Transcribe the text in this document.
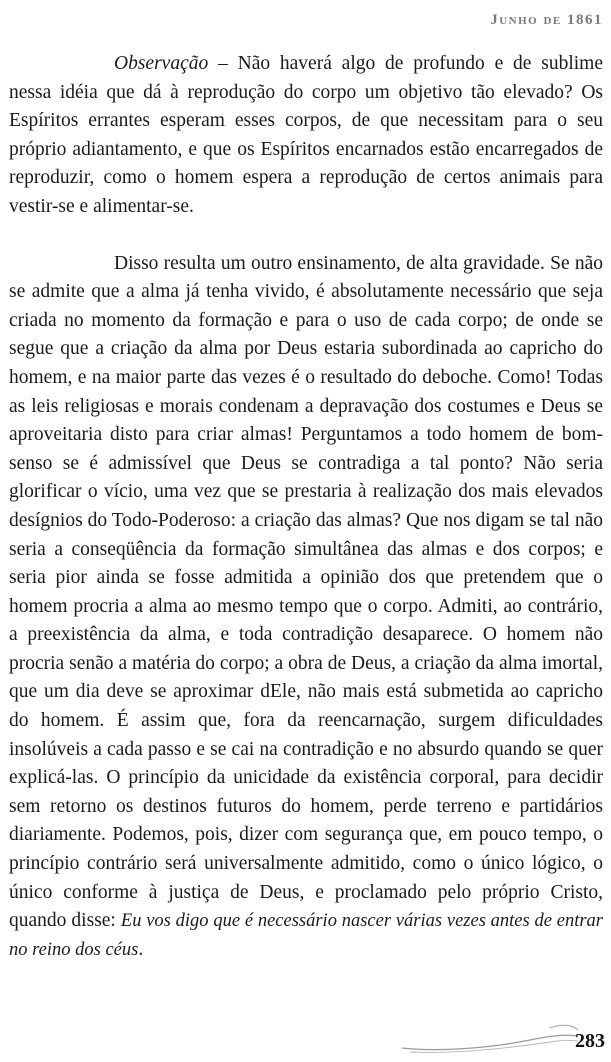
Junho de 1861

Observação – Não haverá algo de profundo e de sublime nessa idéia que dá à reprodução do corpo um objetivo tão elevado? Os Espíritos errantes esperam esses corpos, de que necessitam para o seu próprio adiantamento, e que os Espíritos encarnados estão encarregados de reproduzir, como o homem espera a reprodução de certos animais para vestir-se e alimentar-se.

Disso resulta um outro ensinamento, de alta gravidade. Se não se admite que a alma já tenha vivido, é absolutamente necessário que seja criada no momento da formação e para o uso de cada corpo; de onde se segue que a criação da alma por Deus estaria subordinada ao capricho do homem, e na maior parte das vezes é o resultado do deboche. Como! Todas as leis religiosas e morais condenam a depravação dos costumes e Deus se aproveitaria disto para criar almas! Perguntamos a todo homem de bom-senso se é admissível que Deus se contradiga a tal ponto? Não seria glorificar o vício, uma vez que se prestaria à realização dos mais elevados desígnios do Todo-Poderoso: a criação das almas? Que nos digam se tal não seria a conseqüência da formação simultânea das almas e dos corpos; e seria pior ainda se fosse admitida a opinião dos que pretendem que o homem procria a alma ao mesmo tempo que o corpo. Admiti, ao contrário, a preexistência da alma, e toda contradição desaparece. O homem não procria senão a matéria do corpo; a obra de Deus, a criação da alma imortal, que um dia deve se aproximar dEle, não mais está submetida ao capricho do homem. É assim que, fora da reencarnação, surgem dificuldades insolúveis a cada passo e se cai na contradição e no absurdo quando se quer explicá-las. O princípio da unicidade da existência corporal, para decidir sem retorno os destinos futuros do homem, perde terreno e partidários diariamente. Podemos, pois, dizer com segurança que, em pouco tempo, o princípio contrário será universalmente admitido, como o único lógico, o único conforme à justiça de Deus, e proclamado pelo próprio Cristo, quando disse: Eu vos digo que é necessário nascer várias vezes antes de entrar no reino dos céus.

283
